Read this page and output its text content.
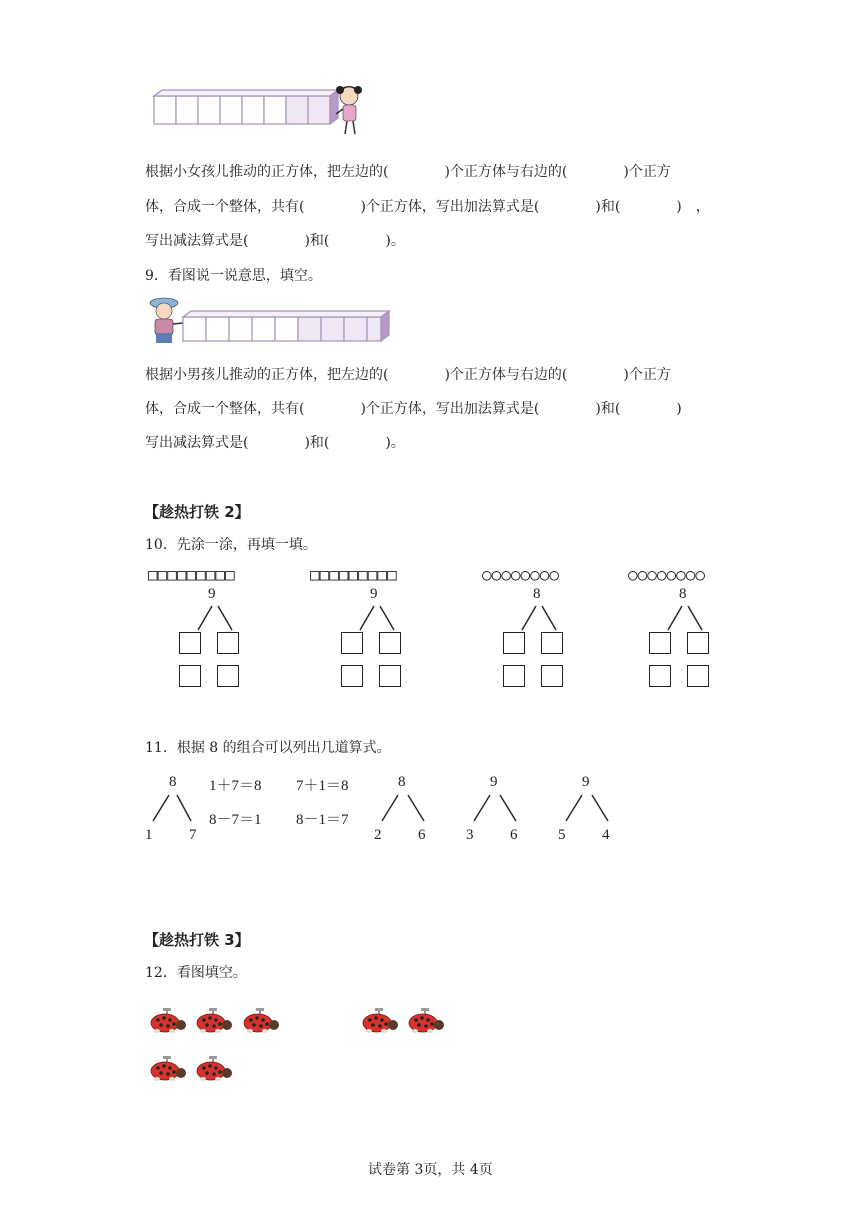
根据小女孩儿推动的正方体，把左边的(　　　　)个正方体与右边的(　　　　)个正方
体，合成一个整体，共有(　　　　)个正方体，写出加法算式是(　　　　)和(　　　　)　，
写出减法算式是(　　　　)和(　　　　)。
9．看图说一说意思，填空。
根据小男孩儿推动的正方体，把左边的(　　　　)个正方体与右边的(　　　　)个正方
体，合成一个整体，共有(　　　　)个正方体，写出加法算式是(　　　　)和(　　　　)
写出减法算式是(　　　　)和(　　　　)。
【趁热打铁 2】
10．先涂一涂，再填一填。
□□□□□□□□□
9
□□□□□□□□□
9
○○○○○○○○
8
○○○○○○○○
8
11．根据 8 的组合可以列出几道算式。
8
1 7
1＋7＝8 7＋1＝8
8－7＝1 8－1＝7
8
2 6
9
3 6
9
5 4
【趁热打铁 3】
12．看图填空。
试卷第 3页，共 4页
